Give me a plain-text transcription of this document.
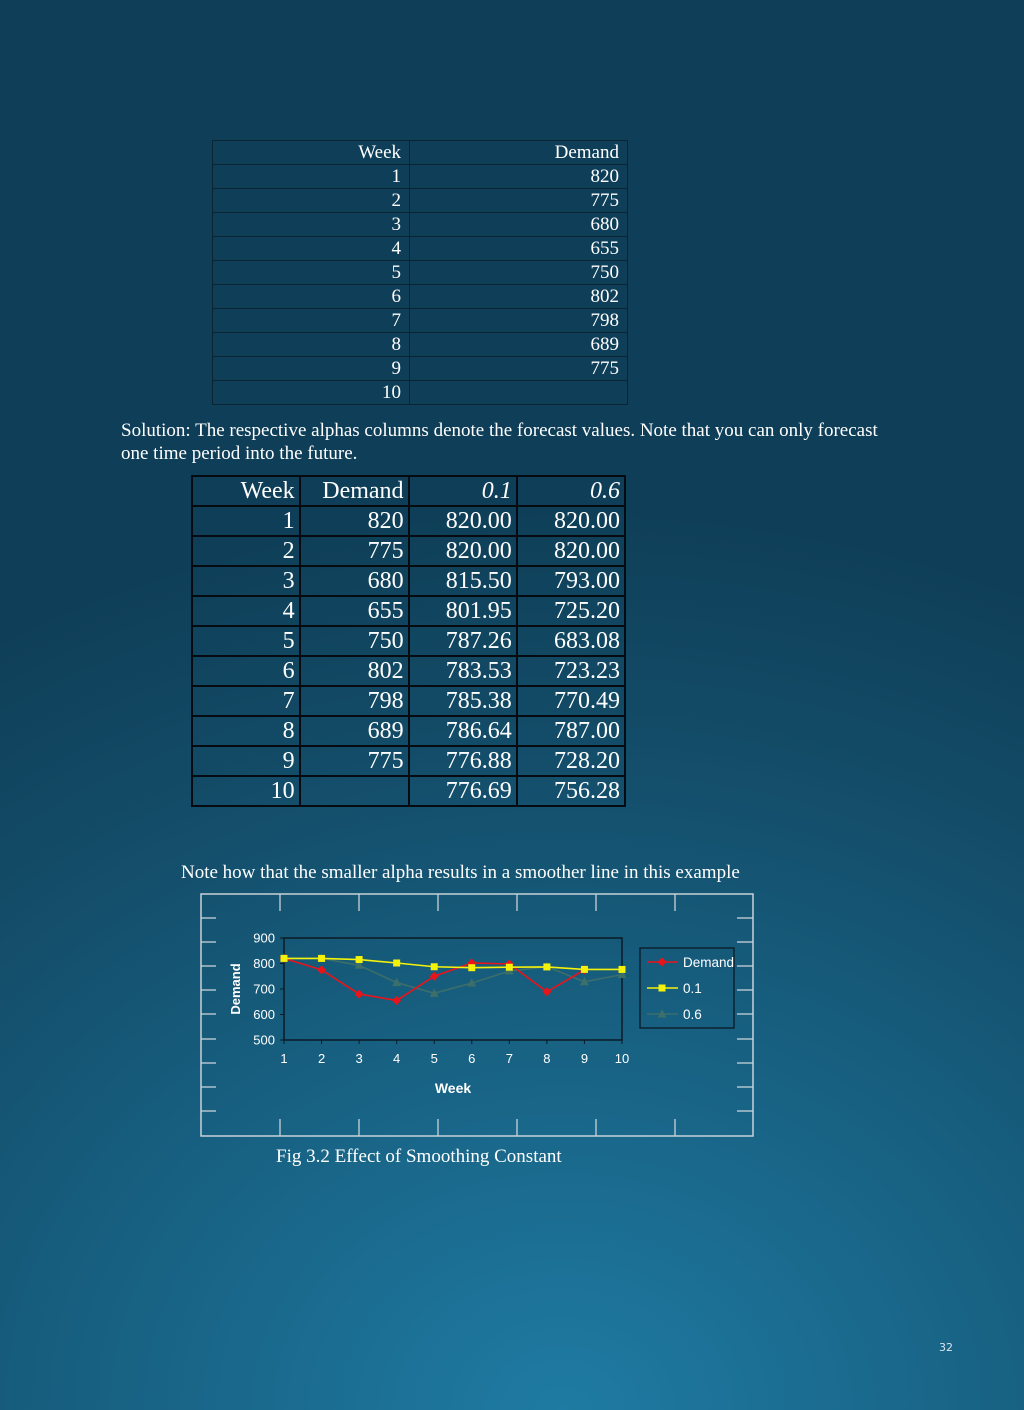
Week	Demand
1	820
2	775
3	680
4	655
5	750
6	802
7	798
8	689
9	775
10	

Solution: The respective alphas columns denote the forecast values. Note that you can only forecast one time period into the future.

Week	Demand	0.1	0.6
1	820	820.00	820.00
2	775	820.00	820.00
3	680	815.50	793.00
4	655	801.95	725.20
5	750	787.26	683.08
6	802	783.53	723.23
7	798	785.38	770.49
8	689	786.64	787.00
9	775	776.88	728.20
10		776.69	756.28

Note how that the smaller alpha results in a smoother line in this example

500
600
700
800
900
1 2 3 4 5 6 7 8 9 10
Week
Demand
Demand
0.1
0.6

Fig 3.2 Effect of Smoothing Constant

32
